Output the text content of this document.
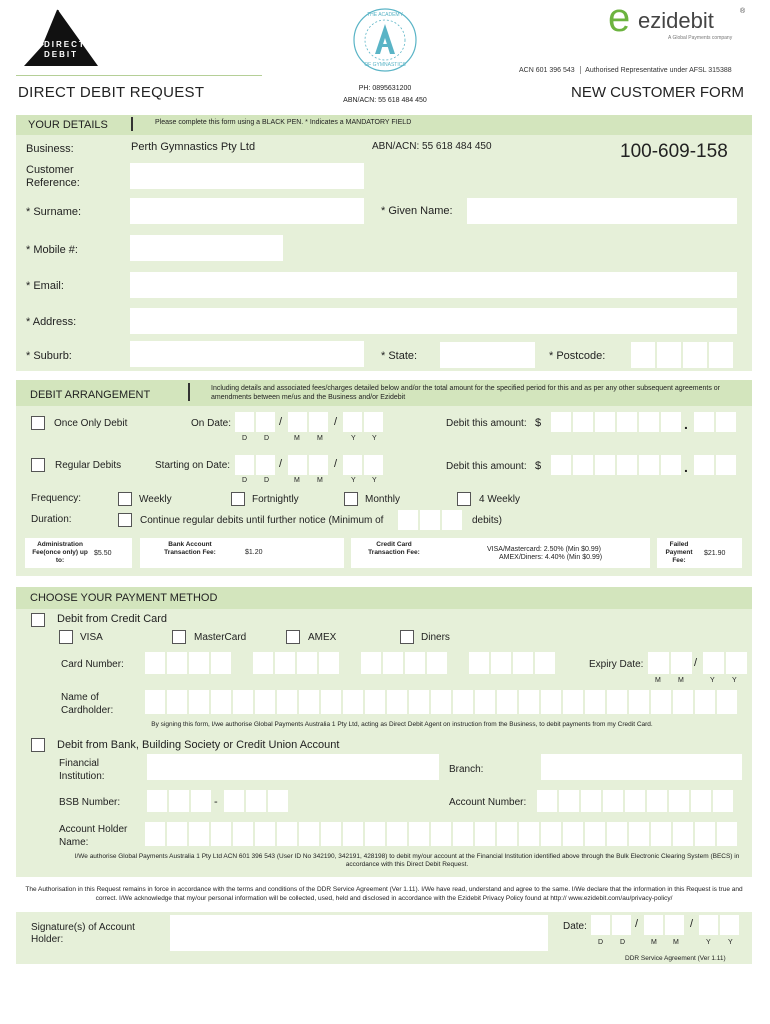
DIRECT
DEBIT
THE ACADEMY
OF GYMNASTICS
e ezidebit	®
A Global Payments company
ACN 601 396 543 Authorised Representative under AFSL 315388
DIRECT DEBIT REQUEST	PH: 0895631200
ABN/ACN: 55 618 484 450	NEW CUSTOMER FORM
YOUR DETAILS	Please complete this form using a BLACK PEN. * Indicates a MANDATORY FIELD
Business:	Perth Gymnastics Pty Ltd	ABN/ACN: 55 618 484 450	100-609-158
Customer Reference:
* Surname:	* Given Name:
* Mobile #:
* Email:
* Address:
* Suburb:	* State:	* Postcode:
DEBIT ARRANGEMENT
Including details and associated fees/charges detailed below and/or the total amount for the specified period for this and as per any other subsequent agreements or amendments between me/us and the Business and/or Ezidebit
Once Only Debit	On Date:	/	/
D D	M M	Y Y
Debit this amount: $	.
Regular Debits	Starting on Date:	/	/
D D	M M	Y Y
Debit this amount: $	.
Frequency:	Weekly	Fortnightly	Monthly	4 Weekly
Duration:	Continue regular debits until further notice (Minimum of	debits)
Administration Fee(once only) up to:
$5.50
Bank Account Transaction Fee:	$1.20
Credit Card Transaction Fee:	VISA/Mastercard: 2.50% (Min $0.99)
AMEX/Diners: 4.40% (Min $0.99)
Failed Payment Fee:
$21.90
CHOOSE YOUR PAYMENT METHOD
Debit from Credit Card
VISA	MasterCard	AMEX	Diners
Card Number:	Expiry Date:	/
M M	Y Y
Name of Cardholder:
By signing this form, I/we authorise Global Payments Australia 1 Pty Ltd, acting as Direct Debit Agent on instruction from the Business, to debit payments from my Credit Card.
Debit from Bank, Building Society or Credit Union Account
Financial Institution:
Branch:
BSB Number:	-	Account Number:
Account Holder Name:
I/We authorise Global Payments Australia 1 Pty Ltd ACN 601 396 543 (User ID No 342190, 342191, 428198) to debit my/our account at the Financial Institution identified above through the Bulk Electronic Clearing System (BECS) in accordance with this Direct Debit Request.
The Authorisation in this Request remains in force in accordance with the terms and conditions of the DDR Service Agreement (Ver 1.11). I/We have read, understand and agree to the same. I/We declare that the information in this Request is true and correct. I/We acknowledge that my/our personal information will be collected, used, held and disclosed in accordance with the Ezidebit Privacy Policy found at http:// www.ezidebit.com/au/privacy-policy/
Signature(s) of Account Holder:
Date:	/	/
D D	M M	Y Y
DDR Service Agreement (Ver 1.11)
